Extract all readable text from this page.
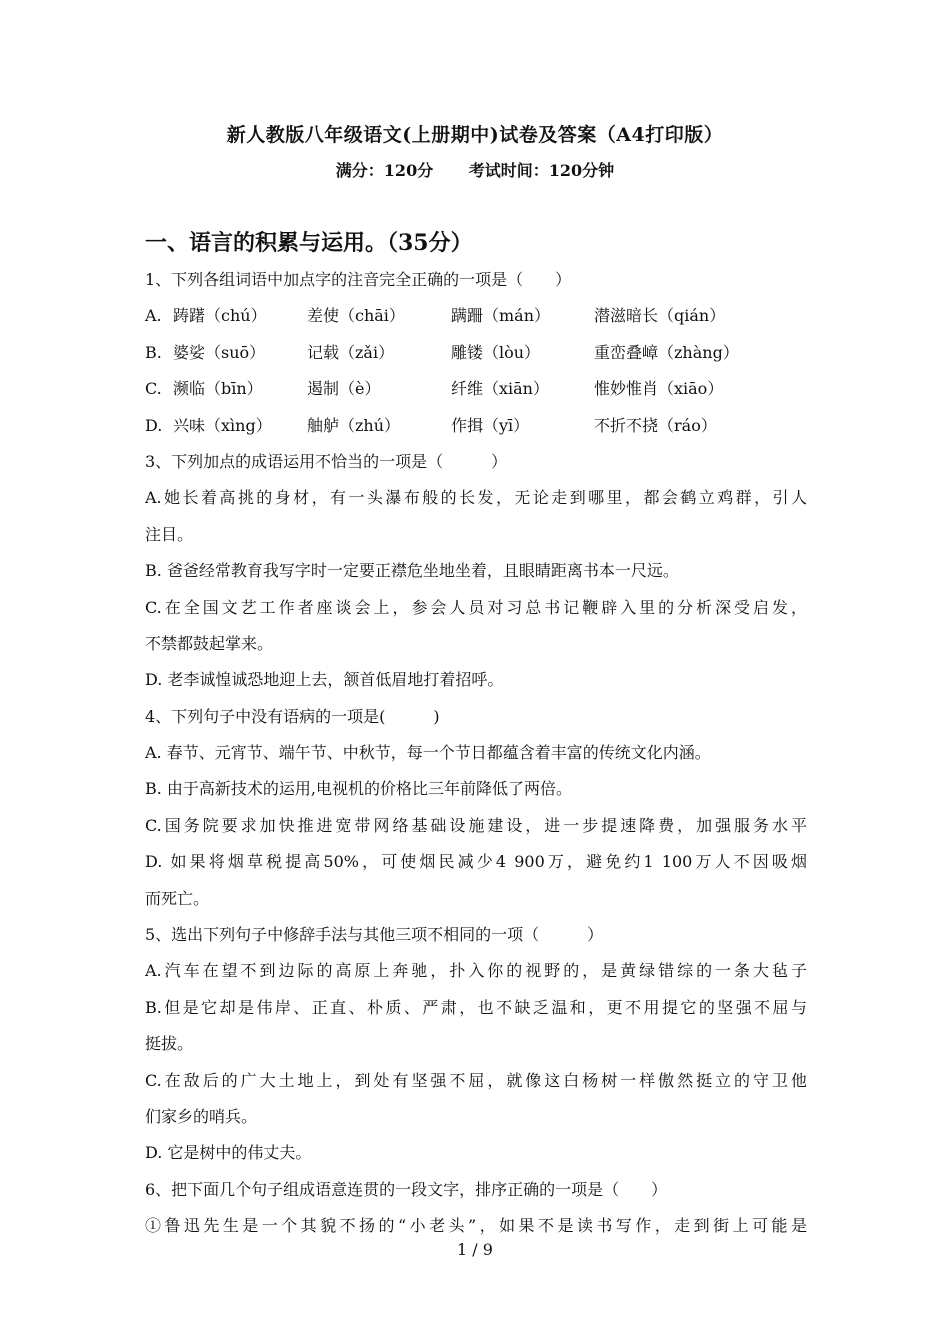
新人教版八年级语文(上册期中)试卷及答案（A4打印版）
满分：120分 考试时间：120分钟
一、语言的积累与运用。（35分）
1、下列各组词语中加点字的注音完全正确的一项是（　　）
A. 踌躇（chú）	差使（chāi）	蹒跚（mán）	潜滋暗长（qián）
B. 婆娑（suō）	记载（zǎi）	雕镂（lòu）	重峦叠嶂（zhàng）
C. 濒临（bīn）	遏制（è）	纤维（xiān）	惟妙惟肖（xiāo）
D. 兴味（xìng）	舳舻（zhú）	作揖（yī）	不折不挠（ráo）
3、下列加点的成语运用不恰当的一项是（　　　）
A.她长着高挑的身材，有一头瀑布般的长发，无论走到哪里，都会鹤立鸡群，引人
注目。
B. 爸爸经常教育我写字时一定要正襟危坐地坐着，且眼睛距离书本一尺远。
C.在全国文艺工作者座谈会上，参会人员对习总书记鞭辟入里的分析深受启发，
不禁都鼓起掌来。
D. 老李诚惶诚恐地迎上去，颔首低眉地打着招呼。
4、下列句子中没有语病的一项是(　　　)
A. 春节、元宵节、端午节、中秋节，每一个节日都蕴含着丰富的传统文化内涵。
B. 由于高新技术的运用,电视机的价格比三年前降低了两倍。
C.国务院要求加快推进宽带网络基础设施建设，进一步提速降费，加强服务水平
D. 如果将烟草税提高50%，可使烟民减少4 900万，避免约1 100万人不因吸烟
而死亡。
5、选出下列句子中修辞手法与其他三项不相同的一项（　　　）
A.汽车在望不到边际的高原上奔驰，扑入你的视野的，是黄绿错综的一条大毡子
B.但是它却是伟岸、正直、朴质、严肃，也不缺乏温和，更不用提它的坚强不屈与
挺拔。
C.在敌后的广大土地上，到处有坚强不屈，就像这白杨树一样傲然挺立的守卫他
们家乡的哨兵。
D. 它是树中的伟丈夫。
6、把下面几个句子组成语意连贯的一段文字，排序正确的一项是（　　）
①鲁迅先生是一个其貌不扬的“小老头”，如果不是读书写作，走到街上可能是
1 / 9
